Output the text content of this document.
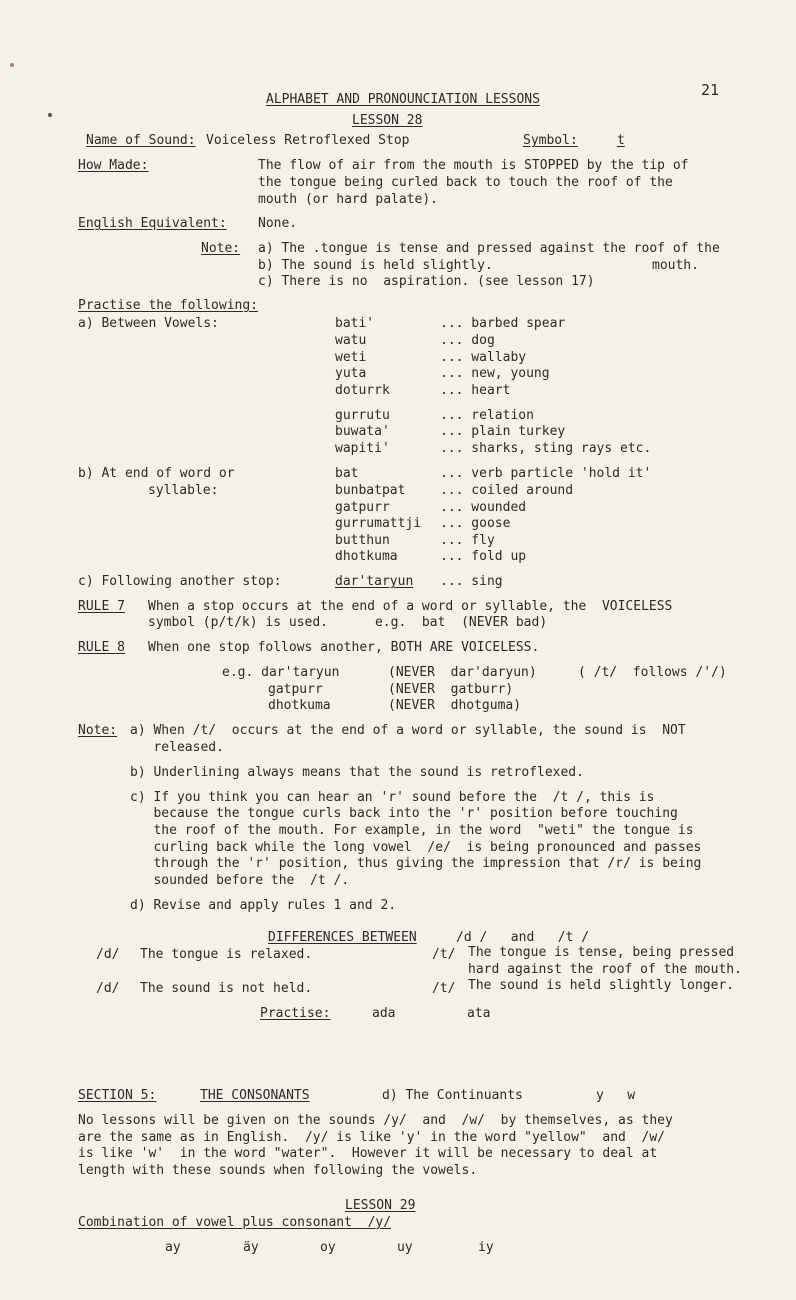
21
ALPHABET AND PRONOUNCIATION LESSONS
LESSON 28
Name of Sound: Voiceless Retroflexed Stop	Symbol:	t
How Made:	The flow of air from the mouth is STOPPED by the tip of
the tongue being curled back to touch the roof of the
mouth (or hard palate).
English Equivalent: None.
Note: a) The .tongue is tense and pressed against the roof of the
b) The sound is held slightly.	mouth.
c) There is no  aspiration. (see lesson 17)
Practise the following:
a) Between Vowels:	bati'	... barbed spear
watu	... dog
weti	... wallaby
yuta	... new, young
doturrk	... heart
gurrutu	... relation
buwata'	... plain turkey
wapiti'	... sharks, sting rays etc.
b) At end of word or
syllable:
bat	... verb particle 'hold it'
bunbatpat	... coiled around
gatpurr	... wounded
gurrumattji ... goose
butthun	... fly
dhotkuma	... fold up
c) Following another stop:	dar'taryun ... sing
RULE 7 When a stop occurs at the end of a word or syllable, the  VOICELESS
symbol (p/t/k) is used.      e.g.  bat  (NEVER bad)
RULE 8 When one stop follows another, BOTH ARE VOICELESS.
e.g. dar'taryun	(NEVER  dar'daryun)	( /t/  follows /'/)
gatpurr	(NEVER  gatburr)
dhotkuma	(NEVER  dhotguma)
Note: a) When /t/  occurs at the end of a word or syllable, the sound is  NOT
released.
b) Underlining always means that the sound is retroflexed.
c) If you think you can hear an 'r' sound before the  /t /, this is
because the tongue curls back into the 'r' position before touching
the roof of the mouth. For example, in the word  "weti" the tongue is
curling back while the long vowel  /e/  is being pronounced and passes
through the 'r' position, thus giving the impression that /r/ is being
sounded before the  /t /.
d) Revise and apply rules 1 and 2.
DIFFERENCES BETWEEN	/d /   and   /t /
/d/ The tongue is relaxed.	/t/ The tongue is tense, being pressed
hard against the roof of the mouth.
/d/ The sound is not held.	/t/ The sound is held slightly longer.
Practise:	ada	ata
SECTION 5:	THE CONSONANTS	d) The Continuants	y   w
No lessons will be given on the sounds /y/  and  /w/  by themselves, as they
are the same as in English.  /y/ is like 'y' in the word "yellow"  and  /w/
is like 'w'  in the word "water".  However it will be necessary to deal at
length with these sounds when following the vowels.
LESSON 29
Combination of vowel plus consonant  /y/
ay	äy	oy	uy	iy
